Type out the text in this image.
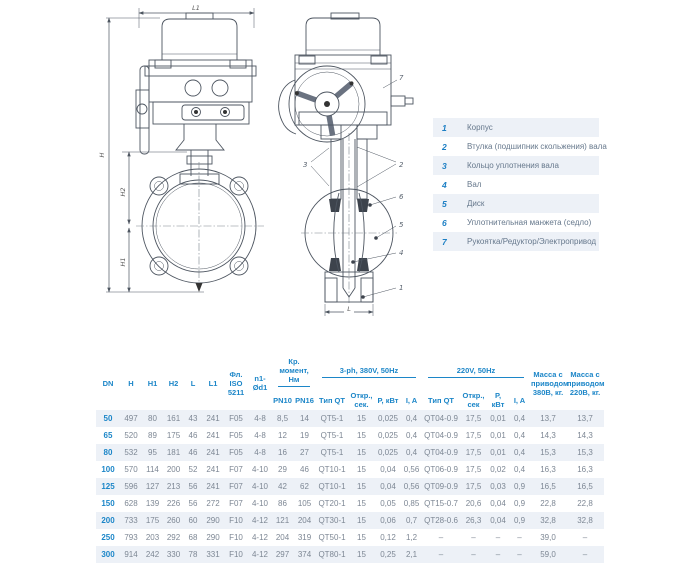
L1
H
H2
H1
L
7
3	2
6
5
4
1
1	Корпус
2	Втулка (подшипник скольжения) вала
3	Кольцо уплотнения вала
4	Вал
5	Диск
6	Уплотнительная манжета (седло)
7	Рукоятка/Редуктор/Электропривод
DN	H	H1	H2	L	L1	Фл. ISO 5211	n1-Ød1	Кр. момент, Нм		3-ph, 380V, 50Hz				220V, 50Hz				Масса с приводом 380В, кг.	Масса с приводом 220В, кг.
								PN10	PN16	Тип QT	Откр., сек.	P, кВт	I, A	Тип QT	Откр., сек	P, кВт	I, A		
50	497	80	161	43	241	F05	4-8	8,5	14	QT5-1	15	0,025	0,4	QT04-0.9	17,5	0,01	0,4	13,7	13,7
65	520	89	175	46	241	F05	4-8	12	19	QT5-1	15	0,025	0,4	QT04-0.9	17,5	0,01	0,4	14,3	14,3
80	532	95	181	46	241	F05	4-8	16	27	QT5-1	15	0,025	0,4	QT04-0.9	17,5	0,01	0,4	15,3	15,3
100	570	114	200	52	241	F07	4-10	29	46	QT10-1	15	0,04	0,56	QT06-0.9	17,5	0,02	0,4	16,3	16,3
125	596	127	213	56	241	F07	4-10	42	62	QT10-1	15	0,04	0,56	QT09-0.9	17,5	0,03	0,9	16,5	16,5
150	628	139	226	56	272	F07	4-10	86	105	QT20-1	15	0,05	0,85	QT15-0.7	20,6	0,04	0,9	22,8	22,8
200	733	175	260	60	290	F10	4-12	121	204	QT30-1	15	0,06	0,7	QT28-0.6	26,3	0,04	0,9	32,8	32,8
250	793	203	292	68	290	F10	4-12	204	319	QT50-1	15	0,12	1,2	–	–	–	–	39,0	–
300	914	242	330	78	331	F10	4-12	297	374	QT80-1	15	0,25	2,1	–	–	–	–	59,0	–
